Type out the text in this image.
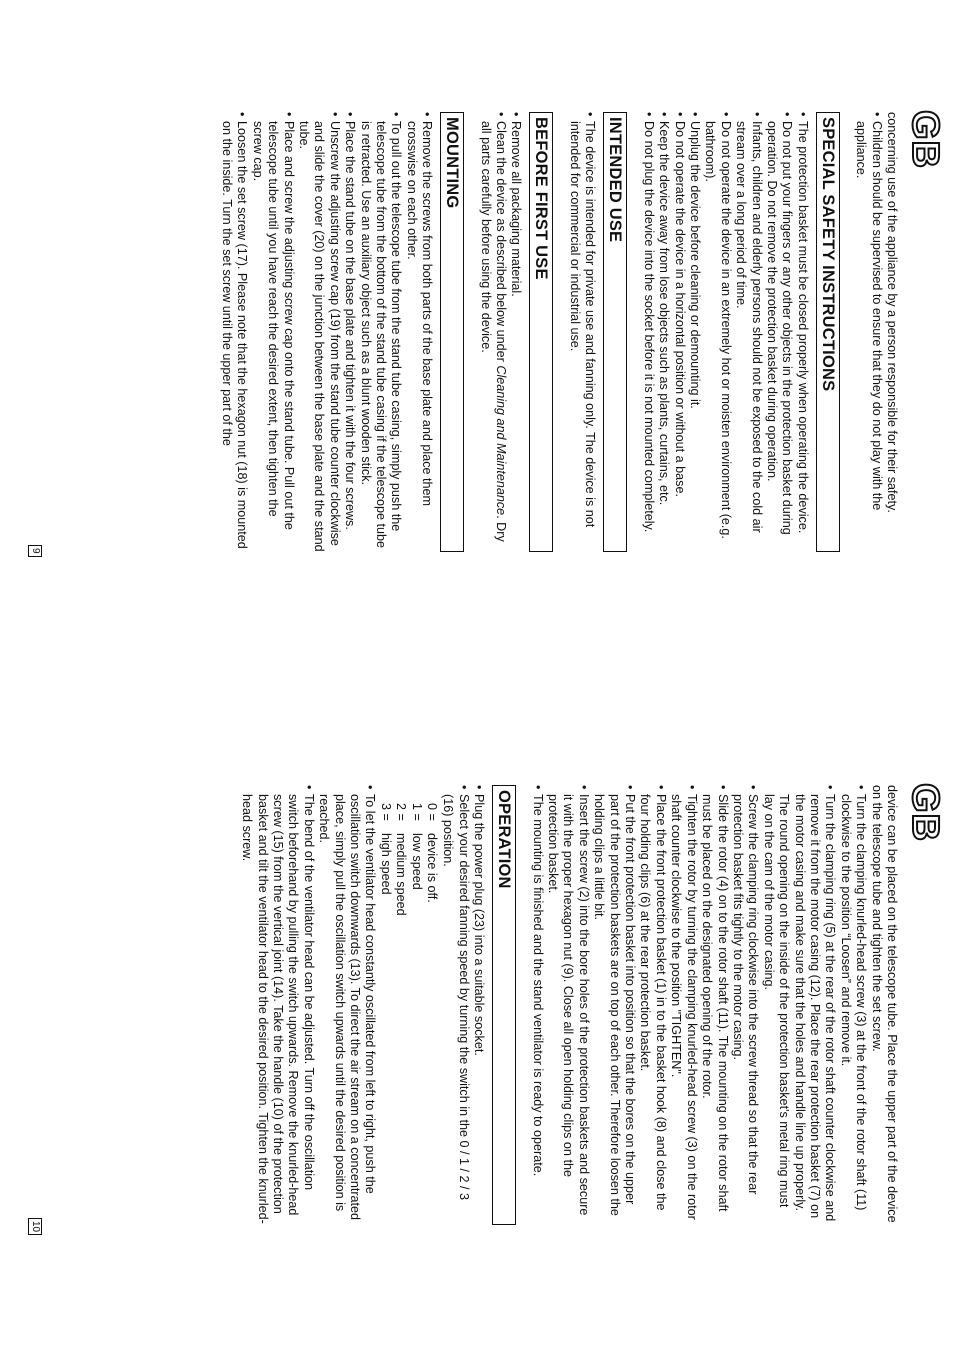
GB

concerning use of the appliance by a person responsible for their safety.

• Children should be supervised to ensure that they do not play with the appliance.
SPECIAL SAFETY INSTRUCTIONS
• The protection basket must be closed properly when operating the device.
• Do not put your fingers or any other objects in the protection basket during operation. Do not remove the protection basket during operation.
• Infants, children and elderly persons should not be exposed to the cold air stream over a long period of time.
• Do not operate the device in an extremely hot or moisten environment (e.g. bathroom).
• Unplug the device before cleaning or demounting it.
• Do not operate the device in a horizontal position or without a base.
• Keep the device away from lose objects such as plants, curtains, etc.
• Do not plug the device into the socket before it is not mounted completely.
INTENDED USE
• The device is intended for private use and fanning only. The device is not intended for commercial or industrial use.
BEFORE FIRST USE
• Remove all packaging material.
• Clean the device as described below under Cleaning and Maintenance. Dry all parts carefully before using the device.
MOUNTING
• Remove the screws from both parts of the base plate and place them crosswise on each other.
• To pull out the telescope tube from the stand tube casing, simply push the telescope tube from the bottom of the stand tube casing if the telescope tube is retracted. Use an auxiliary object such as a blunt wooden stick.
• Place the stand tube on the base plate and tighten it with the four screws.
• Unscrew the adjusting screw cap (19) from the stand tube counter clockwise and slide the cover (20) on the junction between the base plate and the stand tube.
• Place and screw the adjusting screw cap onto the stand tube. Pull out the telescope tube until you have reach the desired extent, then tighten the screw cap.
• Loosen the set screw (17). Please note that the hexagon nut (18) is mounted on the inside. Turn the set screw until the upper part of the
9
GB

device can be placed on the telescope tube. Place the upper part of the device on the telescope tube and tighten the set screw.

• Turn the clamping knurled-head screw (3) at the front of the rotor shaft (11) clockwise to the position “Loosen” and remove it.
• Turn the clamping ring (5) at the rear of the rotor shaft counter clockwise and remove it from the motor casing (12). Place the rear protection basket (7) on the motor casing and make sure that the holes and handle line up properly. The round opening on the inside of the protection basket's metal ring must lay on the cam of the motor casing.
• Screw the clamping ring clockwise into the screw thread so that the rear protection basket fits tightly to the motor casing.
• Slide the rotor (4) on to the rotor shaft (11). The mounting on the rotor shaft must be placed on the designated opening of the rotor.
• Tighten the rotor by turning the clamping knurled-head screw (3) on the rotor shaft counter clockwise to the position "TIGHTEN".
• Place the front protection basket (1) in to the basket hook (8) and close the four holding clips (6) at the rear protection basket.
• Put the front protection basket into position so that the bores on the upper part of the protection baskets are on top of each other. Therefore loosen the holding clips a little bit.
• Insert the screw (2) into the bore holes of the protection baskets and secure it with the proper hexagon nut (9). Close all open holding clips on the protection basket.
• The mounting is finished and the stand ventilator is ready to operate.
OPERATION
• Plug the power plug (23) into a suitable socket.
• Select your desired fanning speed by turning the switch in the 0 / 1 / 2 / 3 (16) position.
0 =
device is off.
1 =
low speed
2 =
medium speed
3 =
high speed
• To let the ventilator head constantly oscillated from left to right, push the oscillation switch downwards (13). To direct the air stream on a concentrated place, simply pull the oscillation switch upwards until the desired position is reached.
• The bend of the ventilator head can be adjusted. Turn off the oscillation switch beforehand by pulling the switch upwards. Remove the knurled-head screw (15) from the vertical joint (14). Take the handle (10) of the protection basket and tilt the ventilator head to the desired position. Tighten the knurled-head screw.
10
